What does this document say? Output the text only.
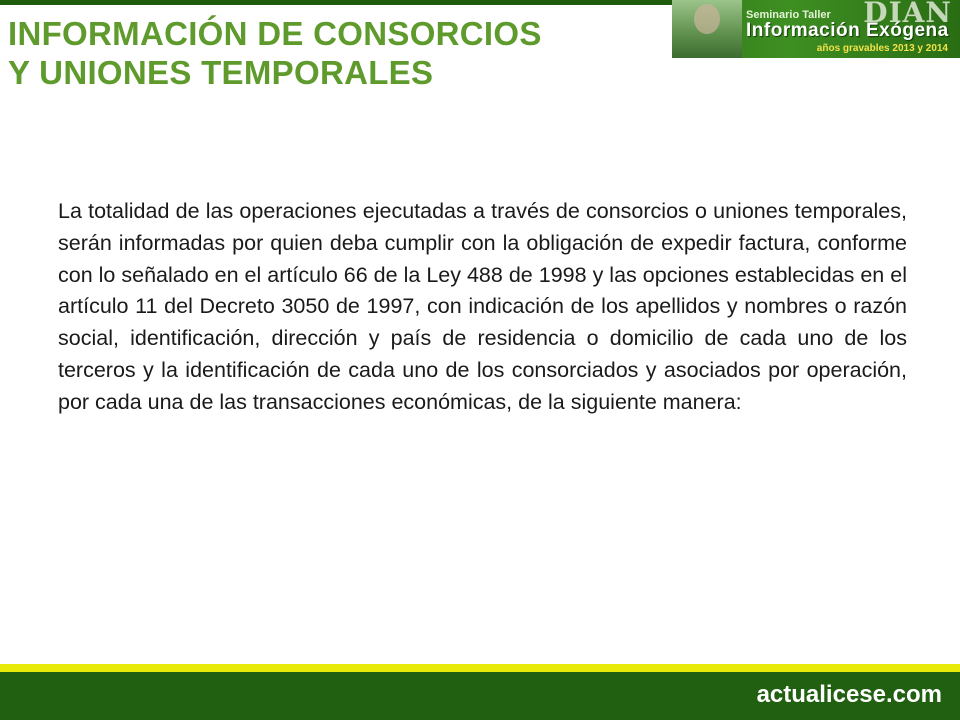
DIAN
Seminario Taller
Información Exógena
años gravables 2013 y 2014
INFORMACIÓN DE CONSORCIOS
Y UNIONES TEMPORALES

La totalidad de las operaciones ejecutadas a través de consorcios o uniones temporales, serán informadas por quien deba cumplir con la obligación de expedir factura, conforme con lo señalado en el artículo 66 de la Ley 488 de 1998 y las opciones establecidas en el artículo 11 del Decreto 3050 de 1997, con indicación de los apellidos y nombres o razón social, identificación, dirección y país de residencia o domicilio de cada uno de los terceros y la identificación de cada uno de los consorciados y asociados por operación, por cada una de las transacciones económicas, de la siguiente manera:

actualicese.com
